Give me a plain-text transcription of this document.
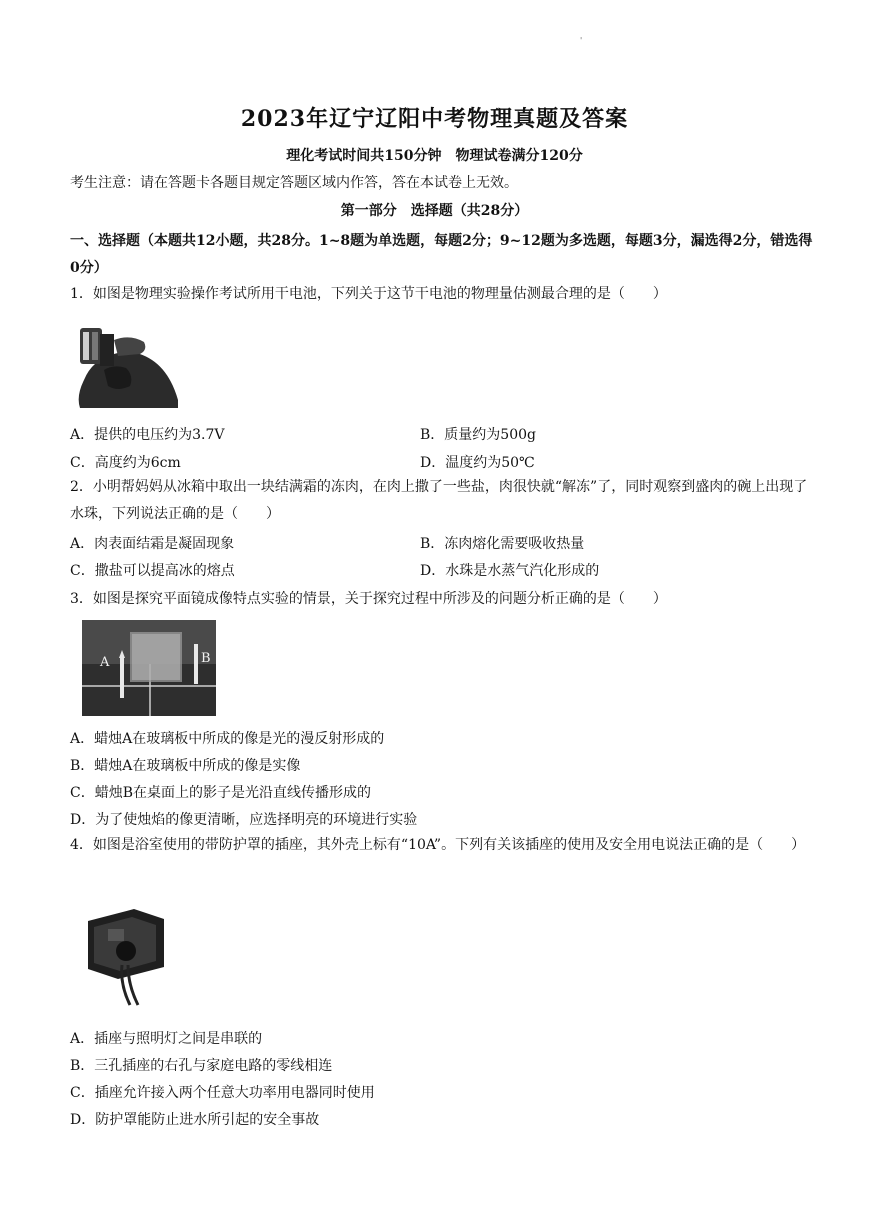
'
2023年辽宁辽阳中考物理真题及答案
理化考试时间共150分钟　物理试卷满分120分
考生注意：请在答题卡各题目规定答题区域内作答，答在本试卷上无效。
第一部分　选择题（共28分）
一、选择题（本题共12小题，共28分。1~8题为单选题，每题2分；9~12题为多选题，每题3分，漏选得2分，错选得0分）
1．如图是物理实验操作考试所用干电池，下列关于这节干电池的物理量估测最合理的是（　　）
A．提供的电压约为3.7V	B．质量约为500g
C．高度约为6cm	D．温度约为50℃
2．小明帮妈妈从冰箱中取出一块结满霜的冻肉，在肉上撒了一些盐，肉很快就“解冻”了，同时观察到盛肉的碗上出现了水珠，下列说法正确的是（　　）
A．肉表面结霜是凝固现象	B．冻肉熔化需要吸收热量
C．撒盐可以提高冰的熔点	D．水珠是水蒸气汽化形成的
3．如图是探究平面镜成像特点实验的情景，关于探究过程中所涉及的问题分析正确的是（　　）
A	B
A．蜡烛A在玻璃板中所成的像是光的漫反射形成的
B．蜡烛A在玻璃板中所成的像是实像
C．蜡烛B在桌面上的影子是光沿直线传播形成的
D．为了使烛焰的像更清晰，应选择明亮的环境进行实验
4．如图是浴室使用的带防护罩的插座，其外壳上标有“10A”。下列有关该插座的使用及安全用电说法正确的是（　　）
A．插座与照明灯之间是串联的
B．三孔插座的右孔与家庭电路的零线相连
C．插座允许接入两个任意大功率用电器同时使用
D．防护罩能防止进水所引起的安全事故
